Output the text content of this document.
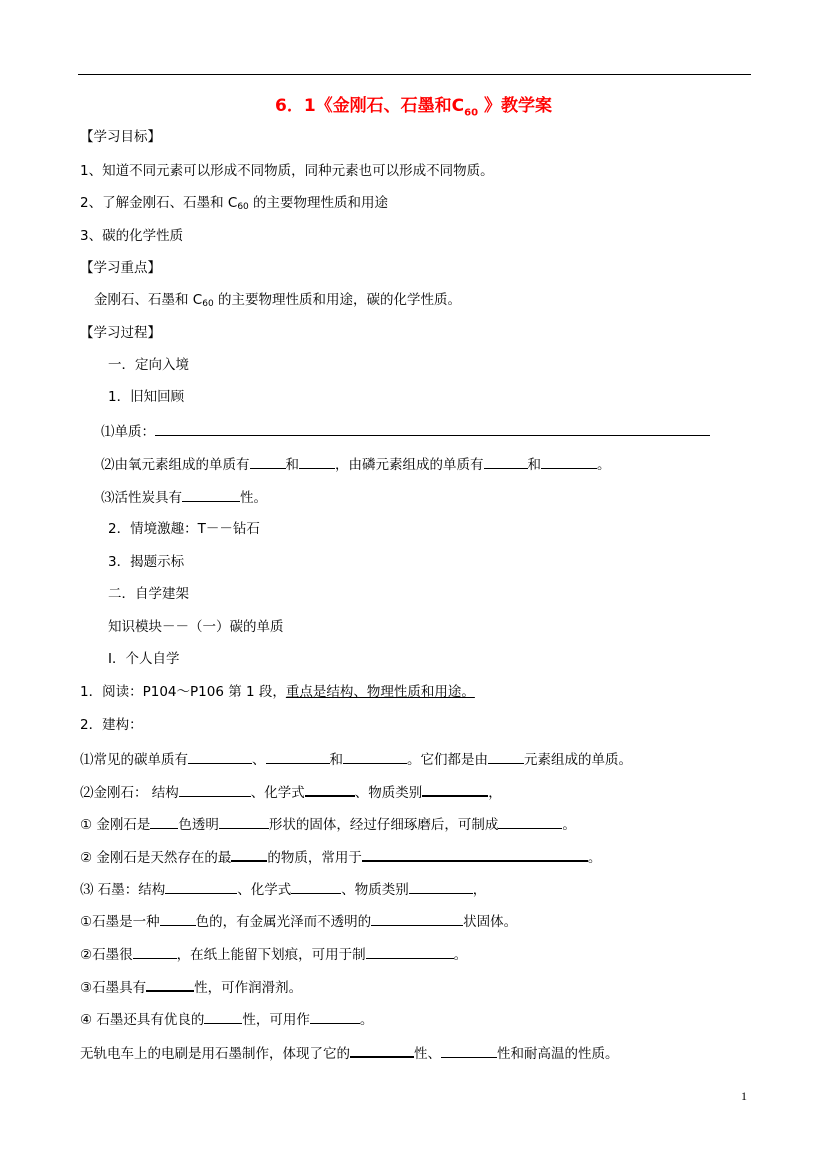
6．1《金刚石、石墨和$C_{60}$ 》教学案
【学习目标】
1、知道不同元素可以形成不同物质，同种元素也可以形成不同物质。
2、了解金刚石、石墨和 $C_{60}$ 的主要物理性质和用途
3、碳的化学性质
【学习重点】
金刚石、石墨和 $C_{60}$ 的主要物理性质和用途，碳的化学性质。
【学习过程】
一．定向入境
1．旧知回顾
⑴单质：
⑵由氧元素组成的单质有	和	，由磷元素组成的单质有	和	。
⑶活性炭具有	性。
2．情境激趣：T－－钻石
3．揭题示标
二．自学建架
知识模块－－（一）碳的单质
Ⅰ．个人自学
1．阅读：P104～P106 第 1 段，重点是结构、物理性质和用途。
2．建构：
⑴常见的碳单质有	、	和	。它们都是由	元素组成的单质。
⑵金刚石： 结构	、化学式	、物质类别	，
① 金刚石是 色透明	形状的固体，经过仔细琢磨后，可制成	。
② 金刚石是天然存在的最	的物质，常用于	。
⑶ 石墨：结构	、化学式	、物质类别	，
①石墨是一种	色的，有金属光泽而不透明的	状固体。
②石墨很	，在纸上能留下划痕，可用于制	。
③石墨具有	性，可作润滑剂。
④ 石墨还具有优良的	性，可用作	。
无轨电车上的电刷是用石墨制作，体现了它的	性、	性和耐高温的性质。
1
